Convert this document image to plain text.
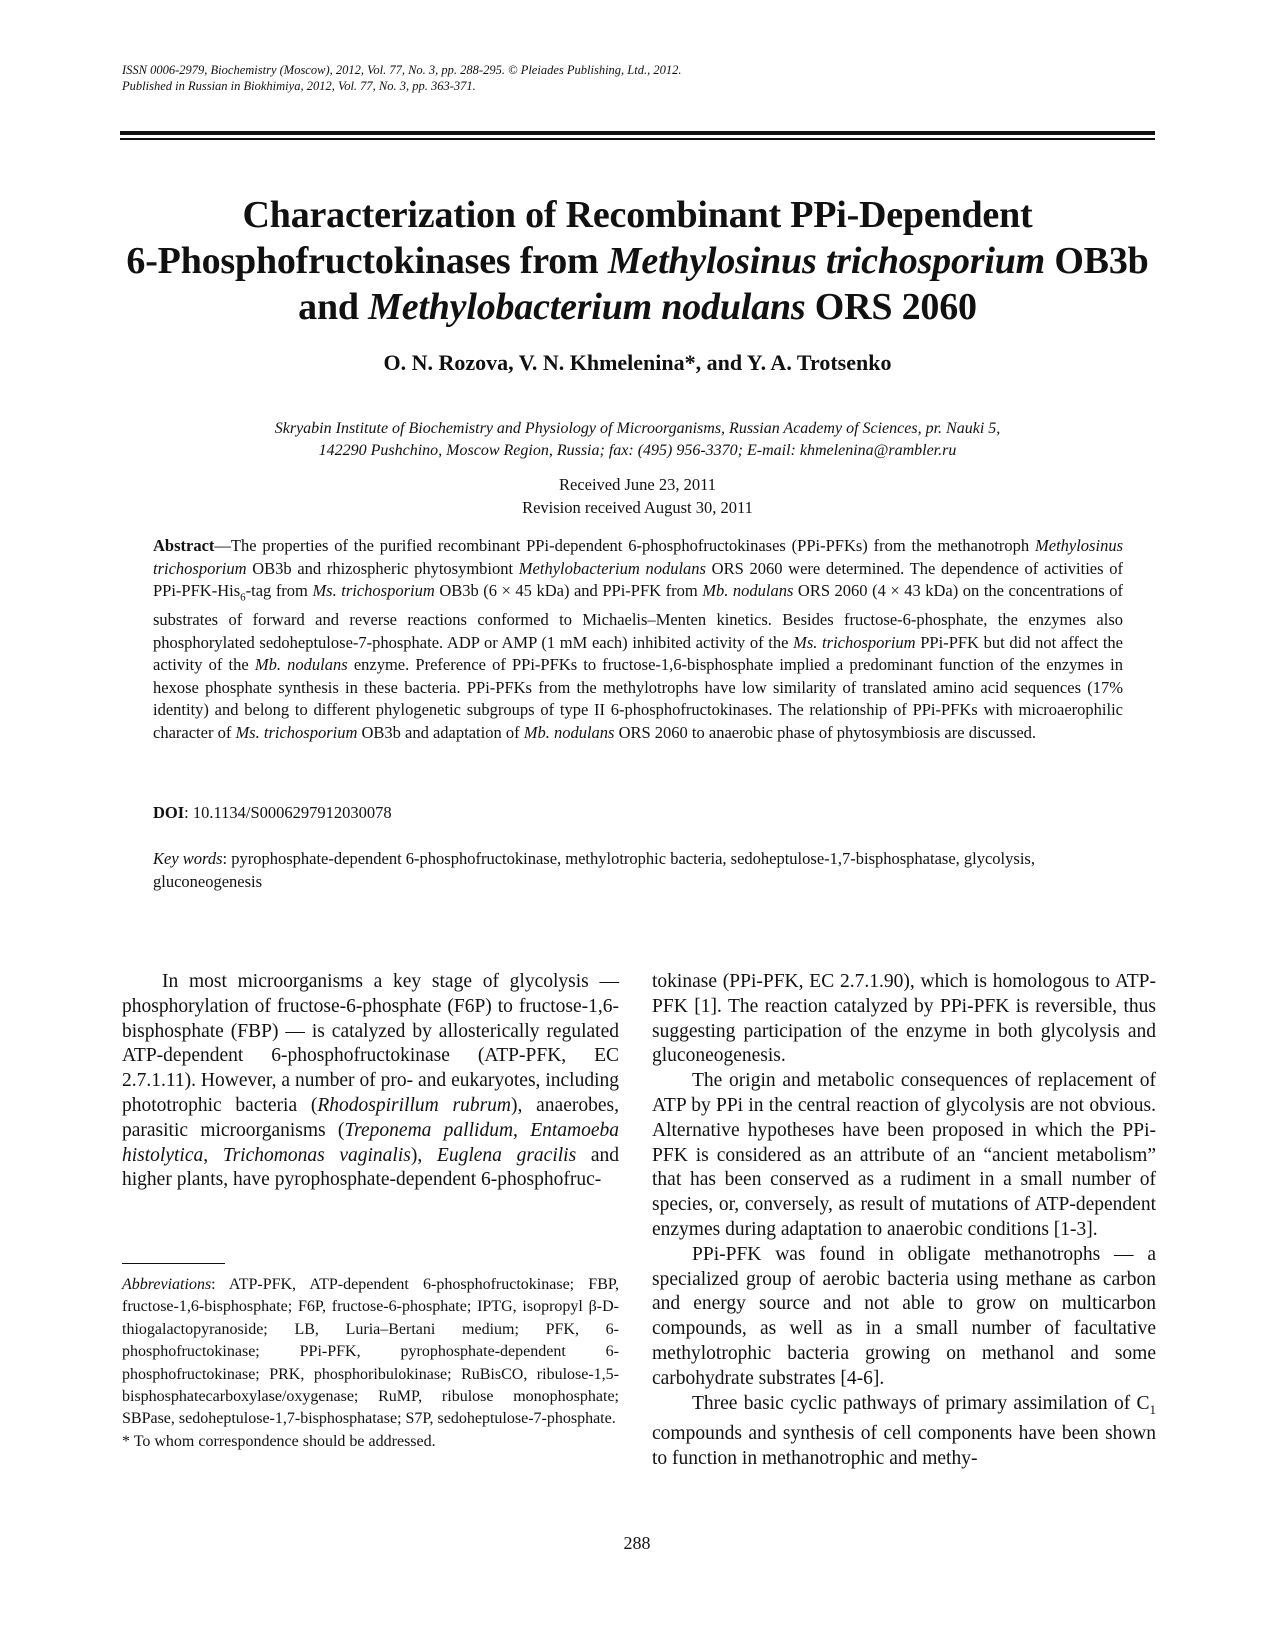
ISSN 0006-2979, Biochemistry (Moscow), 2012, Vol. 77, No. 3, pp. 288-295. © Pleiades Publishing, Ltd., 2012.
Published in Russian in Biokhimiya, 2012, Vol. 77, No. 3, pp. 363-371.
Characterization of Recombinant PPi-Dependent
6-Phosphofructokinases from Methylosinus trichosporium OB3b
and Methylobacterium nodulans ORS 2060
O. N. Rozova, V. N. Khmelenina*, and Y. A. Trotsenko
Skryabin Institute of Biochemistry and Physiology of Microorganisms, Russian Academy of Sciences, pr. Nauki 5,
142290 Pushchino, Moscow Region, Russia; fax: (495) 956-3370; E-mail: khmelenina@rambler.ru
Received June 23, 2011
Revision received August 30, 2011
Abstract—The properties of the purified recombinant PPi-dependent 6-phosphofructokinases (PPi-PFKs) from the methanotroph Methylosinus trichosporium OB3b and rhizospheric phytosymbiont Methylobacterium nodulans ORS 2060 were determined. The dependence of activities of PPi-PFK-His$_6$-tag from Ms. trichosporium OB3b (6 × 45 kDa) and PPi-PFK from Mb. nodulans ORS 2060 (4 × 43 kDa) on the concentrations of substrates of forward and reverse reactions conformed to Michaelis–Menten kinetics. Besides fructose-6-phosphate, the enzymes also phosphorylated sedoheptulose-7-phosphate. ADP or AMP (1 mM each) inhibited activity of the Ms. trichosporium PPi-PFK but did not affect the activity of the Mb. nodulans enzyme. Preference of PPi-PFKs to fructose-1,6-bisphosphate implied a predominant function of the enzymes in hexose phosphate synthesis in these bacteria. PPi-PFKs from the methylotrophs have low similarity of translated amino acid sequences (17% identity) and belong to different phylogenetic subgroups of type II 6-phosphofructokinases. The relationship of PPi-PFKs with microaerophilic character of Ms. trichosporium OB3b and adaptation of Mb. nodulans ORS 2060 to anaerobic phase of phytosymbiosis are discussed.
DOI: 10.1134/S0006297912030078
Key words: pyrophosphate-dependent 6-phosphofructokinase, methylotrophic bacteria, sedoheptulose-1,7-bisphosphatase, glycolysis, gluconeogenesis

In most microorganisms a key stage of glycolysis — phosphorylation of fructose-6-phosphate (F6P) to fructose-1,6-bisphosphate (FBP) — is catalyzed by allosterically regulated ATP-dependent 6-phosphofructokinase (ATP-PFK, EC 2.7.1.11). However, a number of pro- and eukaryotes, including phototrophic bacteria (Rhodospirillum rubrum), anaerobes, parasitic microorganisms (Treponema pallidum, Entamoeba histolytica, Trichomonas vaginalis), Euglena gracilis and higher plants, have pyrophosphate-dependent 6-phosphofruc-

Abbreviations: ATP-PFK, ATP-dependent 6-phosphofructokinase; FBP, fructose-1,6-bisphosphate; F6P, fructose-6-phosphate; IPTG, isopropyl β-D-thiogalactopyranoside; LB, Luria–Bertani medium; PFK, 6-phosphofructokinase; PPi-PFK, pyrophosphate-dependent 6-phosphofructokinase; PRK, phosphoribulokinase; RuBisCO, ribulose-1,5-bisphosphatecarboxylase/oxygenase; RuMP, ribulose monophosphate; SBPase, sedoheptulose-1,7-bisphosphatase; S7P, sedoheptulose-7-phosphate.

* To whom correspondence should be addressed.

tokinase (PPi-PFK, EC 2.7.1.90), which is homologous to ATP-PFK [1]. The reaction catalyzed by PPi-PFK is reversible, thus suggesting participation of the enzyme in both glycolysis and gluconeogenesis.

The origin and metabolic consequences of replacement of ATP by PPi in the central reaction of glycolysis are not obvious. Alternative hypotheses have been proposed in which the PPi-PFK is considered as an attribute of an “ancient metabolism” that has been conserved as a rudiment in a small number of species, or, conversely, as result of mutations of ATP-dependent enzymes during adaptation to anaerobic conditions [1-3].

PPi-PFK was found in obligate methanotrophs — a specialized group of aerobic bacteria using methane as carbon and energy source and not able to grow on multicarbon compounds, as well as in a small number of facultative methylotrophic bacteria growing on methanol and some carbohydrate substrates [4-6].

Three basic cyclic pathways of primary assimilation of $C_1$ compounds and synthesis of cell components have been shown to function in methanotrophic and methy-

288
